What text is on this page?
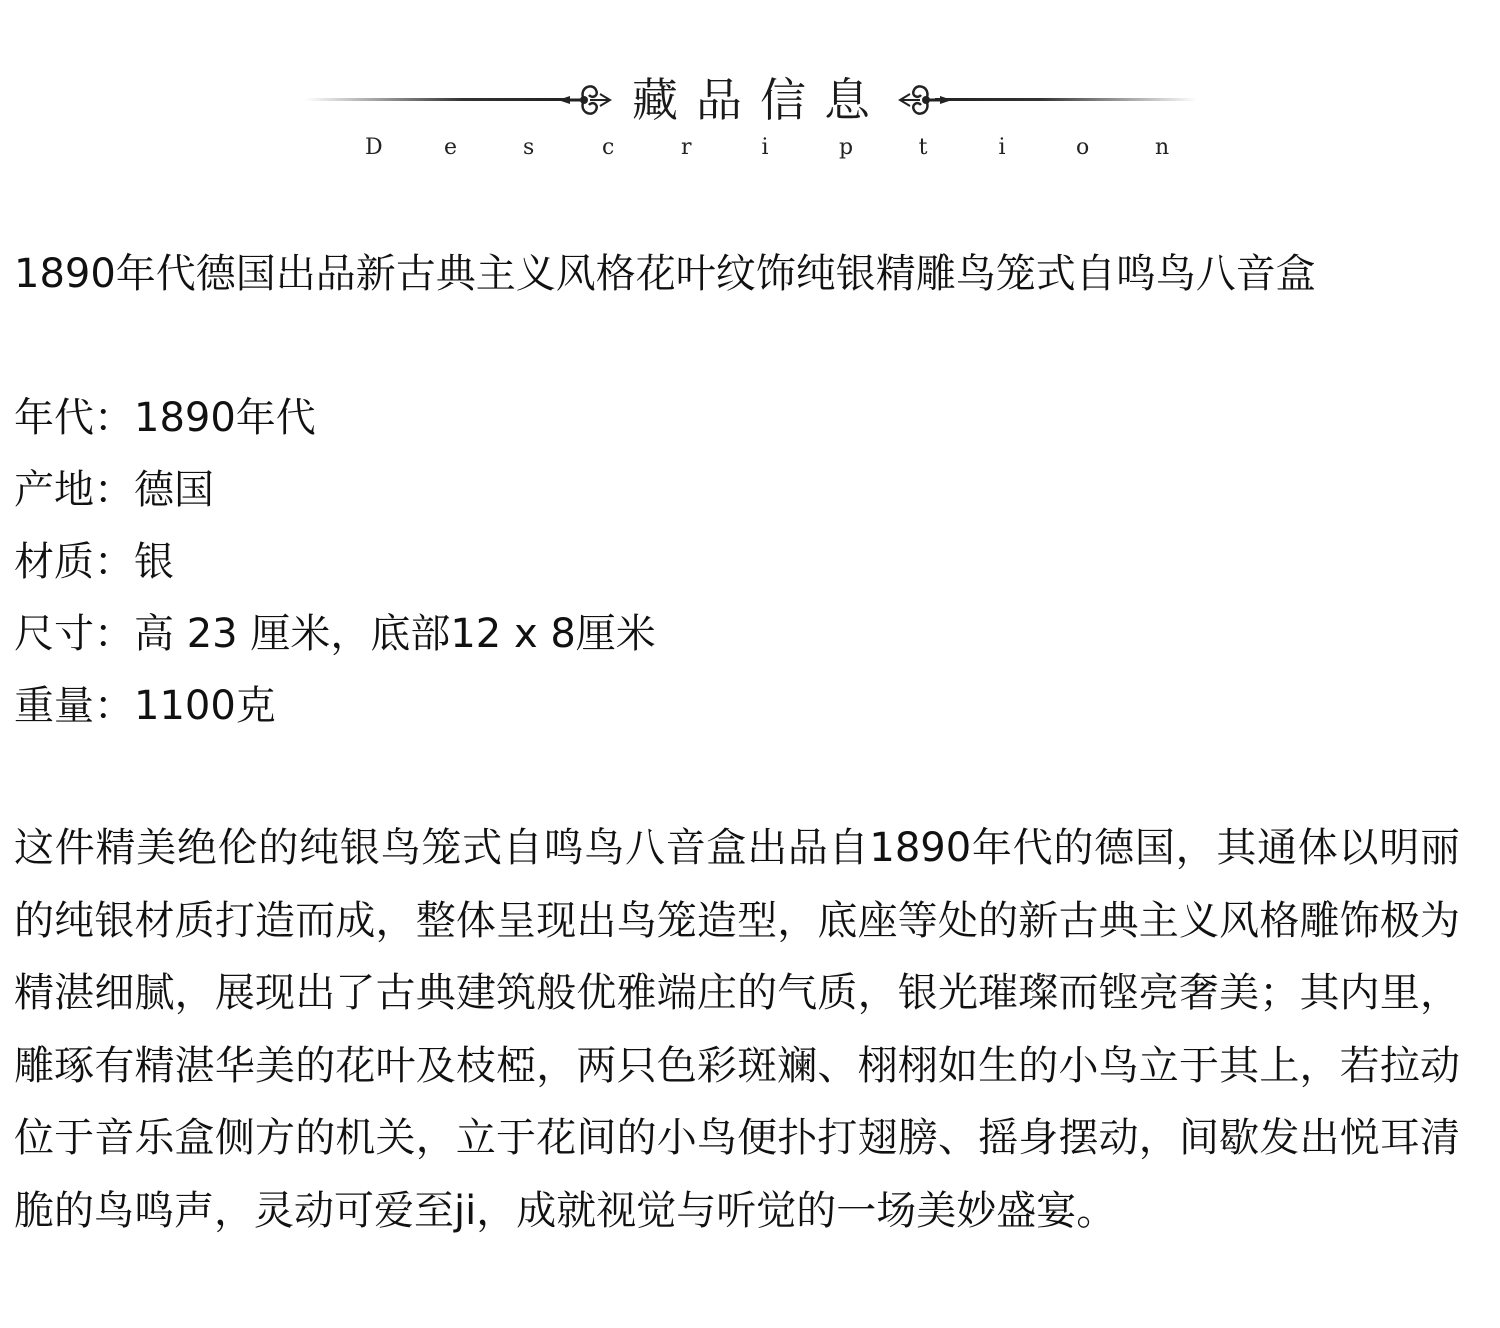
藏品信息
D	e	s	c	r	i	p	t	i	o	n
1890年代德国出品新古典主义风格花叶纹饰纯银精雕鸟笼式自鸣鸟八音盒
年代：1890年代
产地：德国
材质：银
尺寸：高 23 厘米，底部12 x 8厘米
重量：1100克
这件精美绝伦的纯银鸟笼式自鸣鸟八音盒出品自1890年代的德国，其通体以明丽的纯银材质打造而成，整体呈现出鸟笼造型，底座等处的新古典主义风格雕饰极为精湛细腻，展现出了古典建筑般优雅端庄的气质，银光璀璨而铿亮奢美；其内里，雕琢有精湛华美的花叶及枝椏，两只色彩斑斓、栩栩如生的小鸟立于其上，若拉动位于音乐盒侧方的机关，立于花间的小鸟便扑打翅膀、摇身摆动，间歇发出悦耳清脆的鸟鸣声，灵动可爱至ji，成就视觉与听觉的一场美妙盛宴。
